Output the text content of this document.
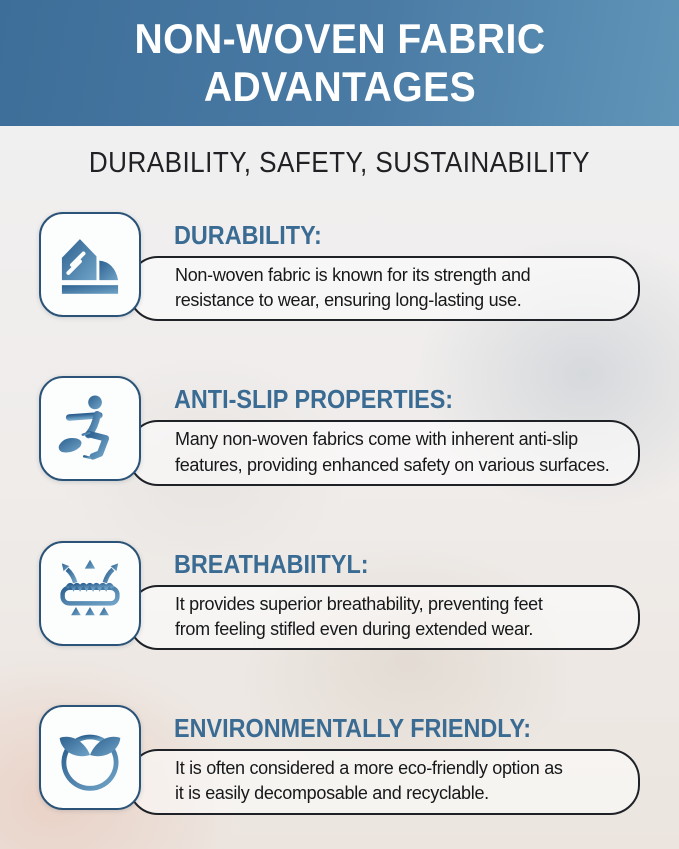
NON-WOVEN FABRIC
ADVANTAGES
DURABILITY, SAFETY, SUSTAINABILITY
DURABILITY:
Non-woven fabric is known for its strength and
resistance to wear, ensuring long-lasting use.
ANTI-SLIP PROPERTIES:
Many non-woven fabrics come with inherent anti-slip
features, providing enhanced safety on various surfaces.
BREATHABIITYL:
It provides superior breathability, preventing feet
from feeling stifled even during extended wear.
ENVIRONMENTALLY FRIENDLY:
It is often considered a more eco-friendly option as
it is easily decomposable and recyclable.
